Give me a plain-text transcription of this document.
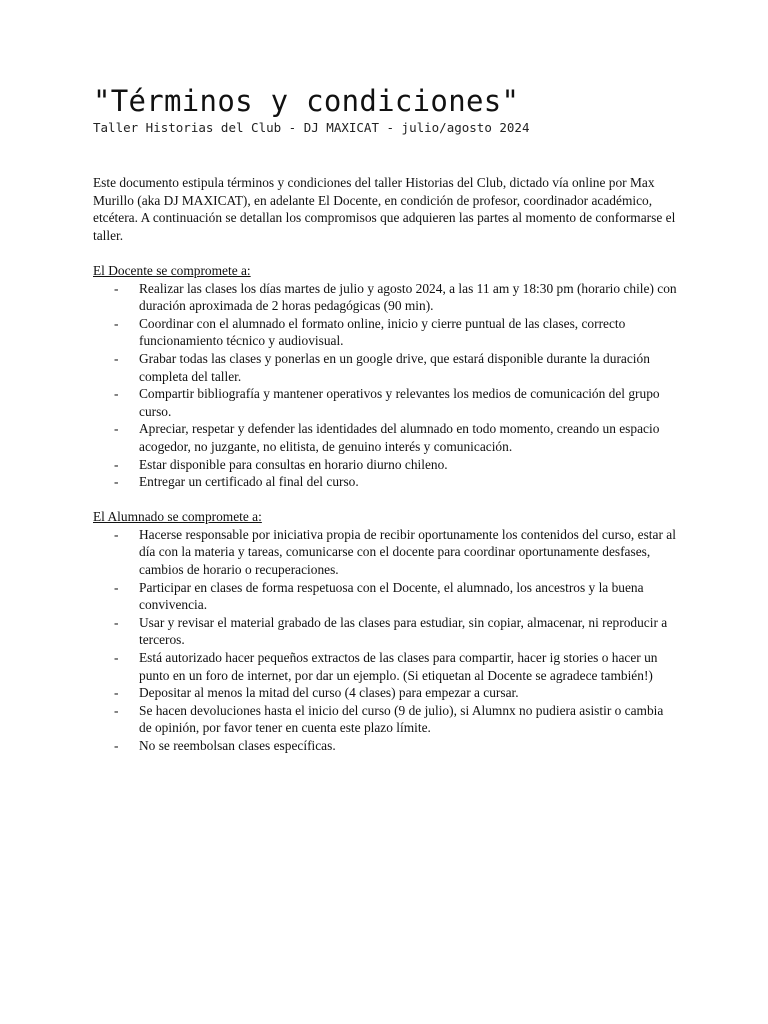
"Términos y condiciones"

Taller Historias del Club - DJ MAXICAT - julio/agosto 2024

Este documento estipula términos y condiciones del taller Historias del Club, dictado vía online por Max Murillo (aka DJ MAXICAT), en adelante El Docente, en condición de profesor, coordinador académico, etcétera. A continuación se detallan los compromisos que adquieren las partes al momento de conformarse el taller.

El Docente se compromete a:
- Realizar las clases los días martes de julio y agosto 2024, a las 11 am y 18:30 pm (horario chile) con duración aproximada de 2 horas pedagógicas (90 min).
- Coordinar con el alumnado el formato online, inicio y cierre puntual de las clases, correcto funcionamiento técnico y audiovisual.
- Grabar todas las clases y ponerlas en un google drive, que estará disponible durante la duración completa del taller.
- Compartir bibliografía y mantener operativos y relevantes los medios de comunicación del grupo curso.
- Apreciar, respetar y defender las identidades del alumnado en todo momento, creando un espacio acogedor, no juzgante, no elitista, de genuino interés y comunicación.
- Estar disponible para consultas en horario diurno chileno.
- Entregar un certificado al final del curso.
El Alumnado se compromete a:
- Hacerse responsable por iniciativa propia de recibir oportunamente los contenidos del curso, estar al día con la materia y tareas, comunicarse con el docente para coordinar oportunamente desfases, cambios de horario o recuperaciones.
- Participar en clases de forma respetuosa con el Docente, el alumnado, los ancestros y la buena convivencia.
- Usar y revisar el material grabado de las clases para estudiar, sin copiar, almacenar, ni reproducir a terceros.
- Está autorizado hacer pequeños extractos de las clases para compartir, hacer ig stories o hacer un punto en un foro de internet, por dar un ejemplo. (Si etiquetan al Docente se agradece también!)
- Depositar al menos la mitad del curso (4 clases) para empezar a cursar.
- Se hacen devoluciones hasta el inicio del curso (9 de julio), si Alumnx no pudiera asistir o cambia de opinión, por favor tener en cuenta este plazo límite.
- No se reembolsan clases específicas.
